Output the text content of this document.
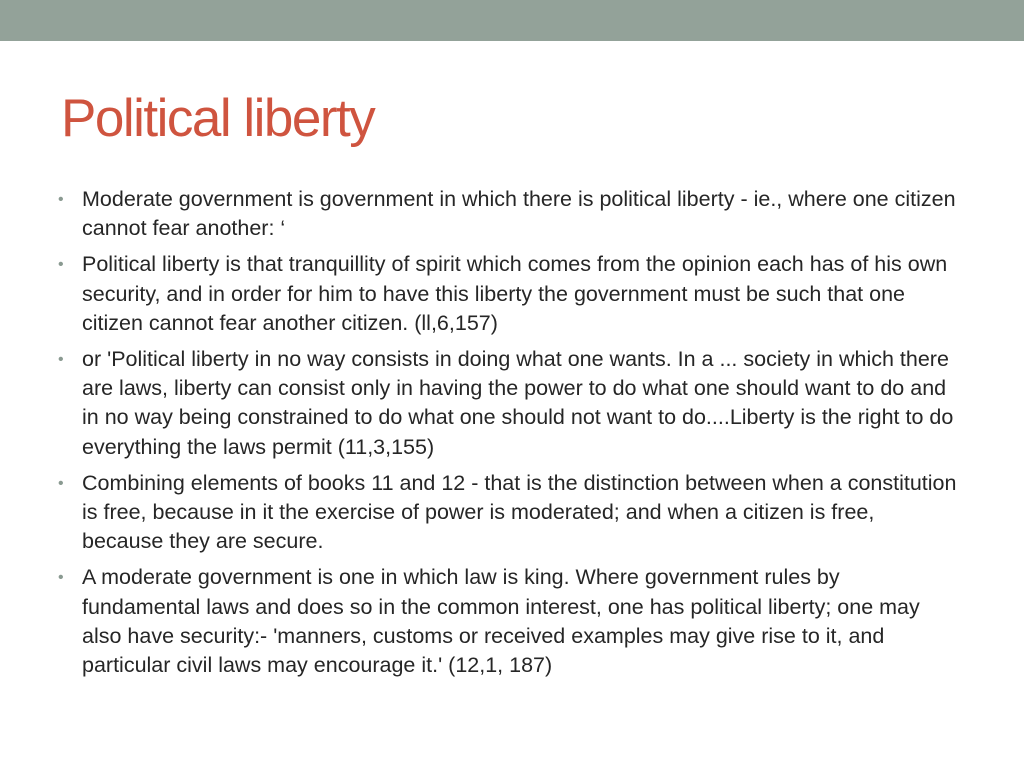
Political liberty
• Moderate government is government in which there is political liberty - ie., where one citizen cannot fear another: ‘
• Political liberty is that tranquillity of spirit which comes from the opinion each has of his own security, and in order for him to have this liberty the government must be such that one citizen cannot fear another citizen. (ll,6,157)
• or 'Political liberty in no way consists in doing what one wants. In a ... society in which there are laws, liberty can consist only in having the power to do what one should want to do and in no way being constrained to do what one should not want to do....Liberty is the right to do everything the laws permit (11,3,155)
• Combining elements of books 11 and 12 - that is the distinction between when a constitution is free, because in it the exercise of power is moderated; and when a citizen is free, because they are secure.
• A moderate government is one in which law is king. Where government rules by fundamental laws and does so in the common interest, one has political liberty; one may also have security:- 'manners, customs or received examples may give rise to it, and particular civil laws may encourage it.' (12,1, 187)
